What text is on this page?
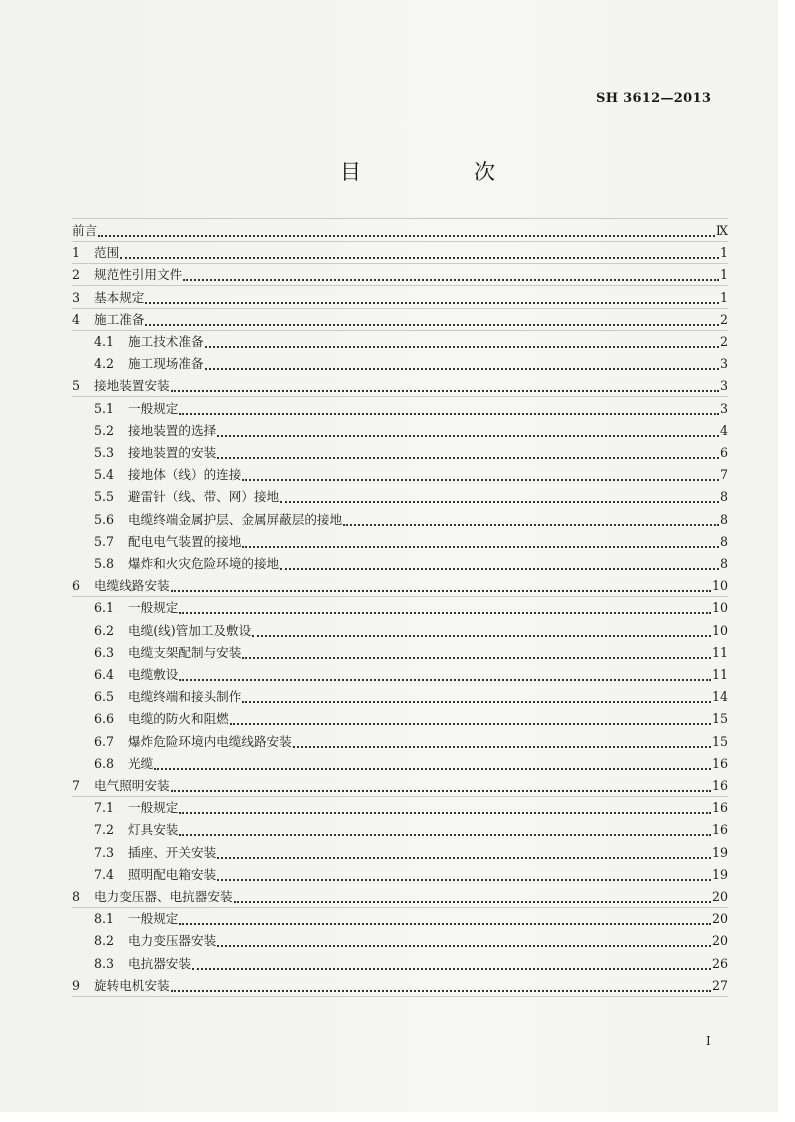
SH 3612—2013
目　次
前言	Ⅸ
1	范围	1
2	规范性引用文件	1
3	基本规定	1
4	施工准备	2
4.1	施工技术准备	2
4.2	施工现场准备	3
5	接地装置安装	3
5.1	一般规定	3
5.2	接地装置的选择	4
5.3	接地装置的安装	6
5.4	接地体（线）的连接	7
5.5	避雷针（线、带、网）接地	8
5.6	电缆终端金属护层、金属屏蔽层的接地	8
5.7	配电电气装置的接地	8
5.8	爆炸和火灾危险环境的接地	8
6	电缆线路安装	10
6.1	一般规定	10
6.2	电缆(线)管加工及敷设	10
6.3	电缆支架配制与安装	11
6.4	电缆敷设	11
6.5	电缆终端和接头制作	14
6.6	电缆的防火和阻燃	15
6.7	爆炸危险环境内电缆线路安装	15
6.8	光缆	16
7	电气照明安装	16
7.1	一般规定	16
7.2	灯具安装	16
7.3	插座、开关安装	19
7.4	照明配电箱安装	19
8	电力变压器、电抗器安装	20
8.1	一般规定	20
8.2	电力变压器安装	20
8.3	电抗器安装	26
9	旋转电机安装	27
I
